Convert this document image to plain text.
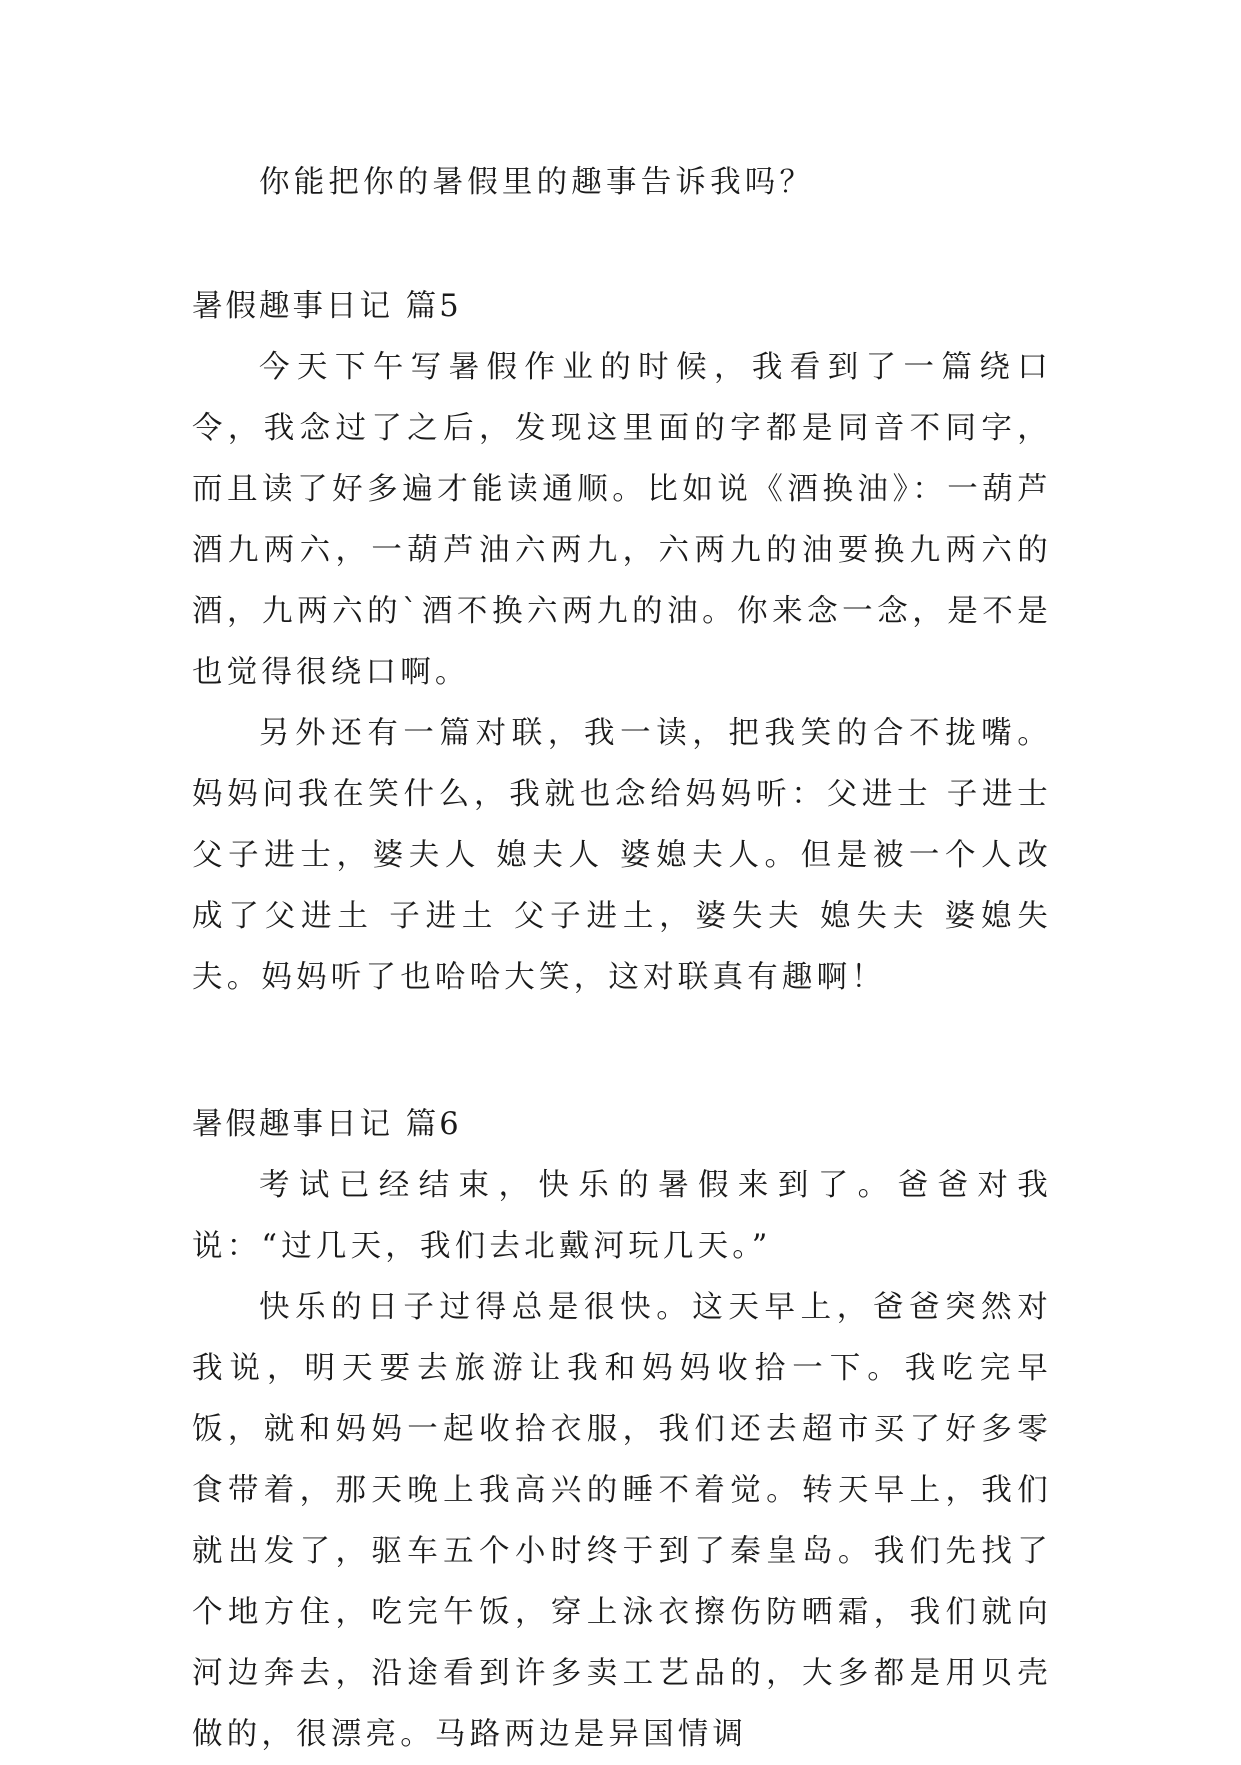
你能把你的暑假里的趣事告诉我吗？

暑假趣事日记 篇5

今天下午写暑假作业的时候，我看到了一篇绕口令，我念过了之后，发现这里面的字都是同音不同字，而且读了好多遍才能读通顺。比如说《酒换油》：一葫芦酒九两六，一葫芦油六两九，六两九的油要换九两六的酒，九两六的`酒不换六两九的油。你来念一念，是不是也觉得很绕口啊。

另外还有一篇对联，我一读，把我笑的合不拢嘴。妈妈问我在笑什么，我就也念给妈妈听：父进士 子进士 父子进士，婆夫人 媳夫人 婆媳夫人。但是被一个人改成了父进土 子进土 父子进土，婆失夫 媳失夫 婆媳失夫。妈妈听了也哈哈大笑，这对联真有趣啊！

暑假趣事日记 篇6

考试已经结束，快乐的暑假来到了。爸爸对我说：“过几天，我们去北戴河玩几天。”

快乐的日子过得总是很快。这天早上，爸爸突然对我说，明天要去旅游让我和妈妈收拾一下。我吃完早饭，就和妈妈一起收拾衣服，我们还去超市买了好多零食带着，那天晚上我高兴的睡不着觉。转天早上，我们就出发了，驱车五个小时终于到了秦皇岛。我们先找了个地方住，吃完午饭，穿上泳衣擦伤防晒霜，我们就向河边奔去，沿途看到许多卖工艺品的，大多都是用贝壳做的，很漂亮。马路两边是异国情调
